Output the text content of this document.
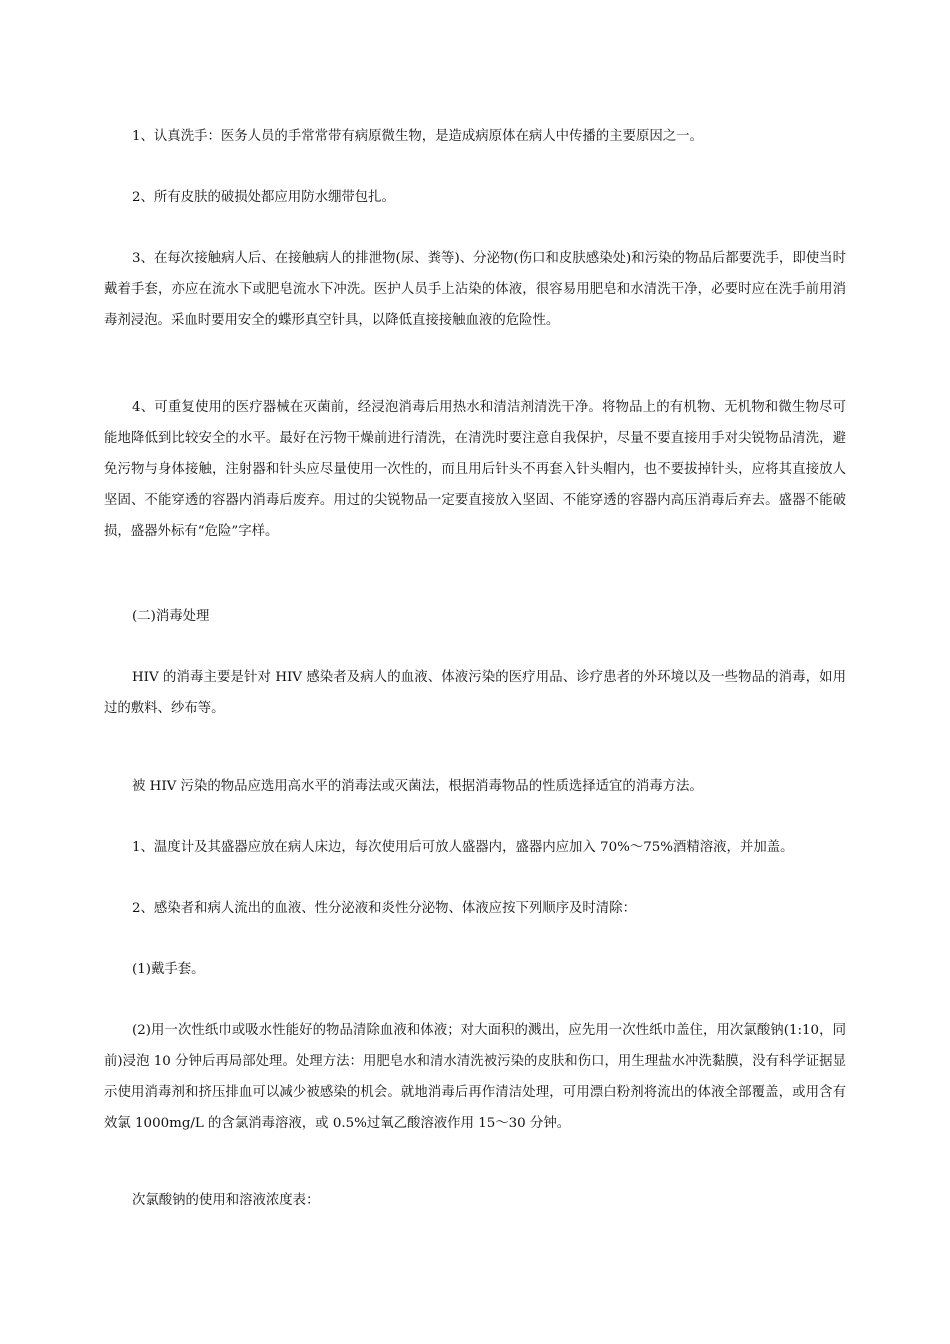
1、认真洗手：医务人员的手常常带有病原微生物，是造成病原体在病人中传播的主要原因之一。

2、所有皮肤的破损处都应用防水绷带包扎。

3、在每次接触病人后、在接触病人的排泄物(尿、粪等)、分泌物(伤口和皮肤感染处)和污染的物品后都要洗手，即使当时戴着手套，亦应在流水下或肥皂流水下冲洗。医护人员手上沾染的体液，很容易用肥皂和水清洗干净，必要时应在洗手前用消毒剂浸泡。采血时要用安全的蝶形真空针具，以降低直接接触血液的危险性。

4、可重复使用的医疗器械在灭菌前，经浸泡消毒后用热水和清洁剂清洗干净。将物品上的有机物、无机物和微生物尽可能地降低到比较安全的水平。最好在污物干燥前进行清洗，在清洗时要注意自我保护，尽量不要直接用手对尖锐物品清洗，避免污物与身体接触，注射器和针头应尽量使用一次性的，而且用后针头不再套入针头帽内，也不要拔掉针头，应将其直接放人坚固、不能穿透的容器内消毒后废弃。用过的尖锐物品一定要直接放入坚固、不能穿透的容器内高压消毒后弃去。盛器不能破损，盛器外标有“危险”字样。

(二)消毒处理

HIV 的消毒主要是针对 HIV 感染者及病人的血液、体液污染的医疗用品、诊疗患者的外环境以及一些物品的消毒，如用过的敷料、纱布等。

被 HIV 污染的物品应选用高水平的消毒法或灭菌法，根据消毒物品的性质选择适宜的消毒方法。

1、温度计及其盛器应放在病人床边，每次使用后可放人盛器内，盛器内应加入 70%～75%酒精溶液，并加盖。

2、感染者和病人流出的血液、性分泌液和炎性分泌物、体液应按下列顺序及时清除：

(1)戴手套。

(2)用一次性纸巾或吸水性能好的物品清除血液和体液；对大面积的溅出，应先用一次性纸巾盖住，用次氯酸钠(1:10，同前)浸泡 10 分钟后再局部处理。处理方法：用肥皂水和清水清洗被污染的皮肤和伤口，用生理盐水冲洗黏膜，没有科学证据显示使用消毒剂和挤压排血可以减少被感染的机会。就地消毒后再作清洁处理，可用漂白粉剂将流出的体液全部覆盖，或用含有效氯 1000mg/L 的含氯消毒溶液，或 0.5%过氧乙酸溶液作用 15～30 分钟。

次氯酸钠的使用和溶液浓度表：
